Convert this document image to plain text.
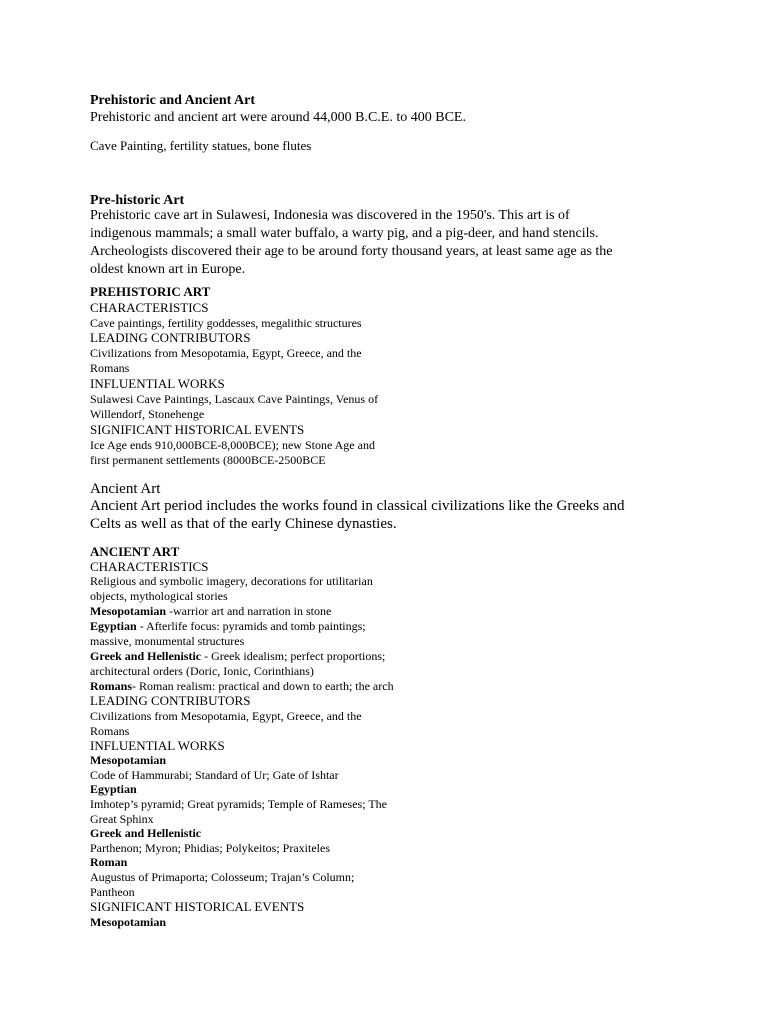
Prehistoric and Ancient Art
Prehistoric and ancient art were around 44,000 B.C.E. to 400 BCE.
Cave Painting, fertility statues, bone flutes
Pre-historic Art
Prehistoric cave art in Sulawesi, Indonesia was discovered in the 1950's. This art is of indigenous mammals; a small water buffalo, a warty pig, and a pig-deer, and hand stencils. Archeologists discovered their age to be around forty thousand years, at least same age as the oldest known art in Europe.
PREHISTORIC ART
CHARACTERISTICS
Cave paintings, fertility goddesses, megalithic structures
LEADING CONTRIBUTORS
Civilizations from Mesopotamia, Egypt, Greece, and the
Romans
INFLUENTIAL WORKS
Sulawesi Cave Paintings, Lascaux Cave Paintings, Venus of
Willendorf, Stonehenge
SIGNIFICANT HISTORICAL EVENTS
Ice Age ends 910,000BCE-8,000BCE); new Stone Age and
first permanent settlements (8000BCE-2500BCE
Ancient Art
Ancient Art period includes the works found in classical civilizations like the Greeks and Celts as well as that of the early Chinese dynasties.
ANCIENT ART
CHARACTERISTICS
Religious and symbolic imagery, decorations for utilitarian
objects, mythological stories
Mesopotamian -warrior art and narration in stone
Egyptian - Afterlife focus: pyramids and tomb paintings;
massive, monumental structures
Greek and Hellenistic - Greek idealism; perfect proportions;
architectural orders (Doric, Ionic, Corinthians)
Romans- Roman realism: practical and down to earth; the arch
LEADING CONTRIBUTORS
Civilizations from Mesopotamia, Egypt, Greece, and the
Romans
INFLUENTIAL WORKS
Mesopotamian
Code of Hammurabi; Standard of Ur; Gate of Ishtar
Egyptian
Imhotep’s pyramid; Great pyramids; Temple of Rameses; The
Great Sphinx
Greek and Hellenistic
Parthenon; Myron; Phidias; Polykeitos; Praxiteles
Roman
Augustus of Primaporta; Colosseum; Trajan’s Column;
Pantheon
SIGNIFICANT HISTORICAL EVENTS
Mesopotamian
